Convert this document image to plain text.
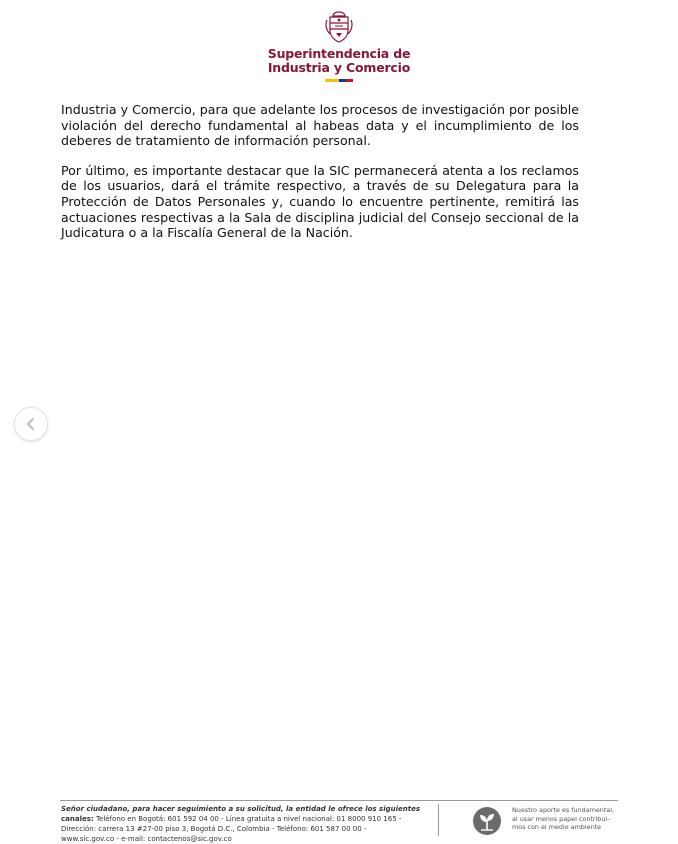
Superintendencia de
Industria y Comercio

Industria y Comercio, para que adelante los procesos de investigación por posible violación del derecho fundamental al habeas data y el incumplimiento de los deberes de tratamiento de información personal.

Por último, es importante destacar que la SIC permanecerá atenta a los reclamos de los usuarios, dará el trámite respectivo, a través de su Delegatura para la Protección de Datos Personales y, cuando lo encuentre pertinente, remitirá las actuaciones respectivas a la Sala de disciplina judicial del Consejo seccional de la Judicatura o a la Fiscalía General de la Nación.

Señor ciudadano, para hacer seguimiento a su solicitud, la entidad le ofrece los siguientes
canales: Teléfono en Bogotá: 601 592 04 00 - Línea gratuita a nivel nacional: 01 8000 910 165 -
Dirección: carrera 13 #27-00 piso 3, Bogotá D.C., Colombia - Teléfono: 601 587 00 00 -
www.sic.gov.co - e-mail: contactenos@sic.gov.co
Nuestro aporte es fundamental,
al usar menos papel contribui-
mos con el medio ambiente
